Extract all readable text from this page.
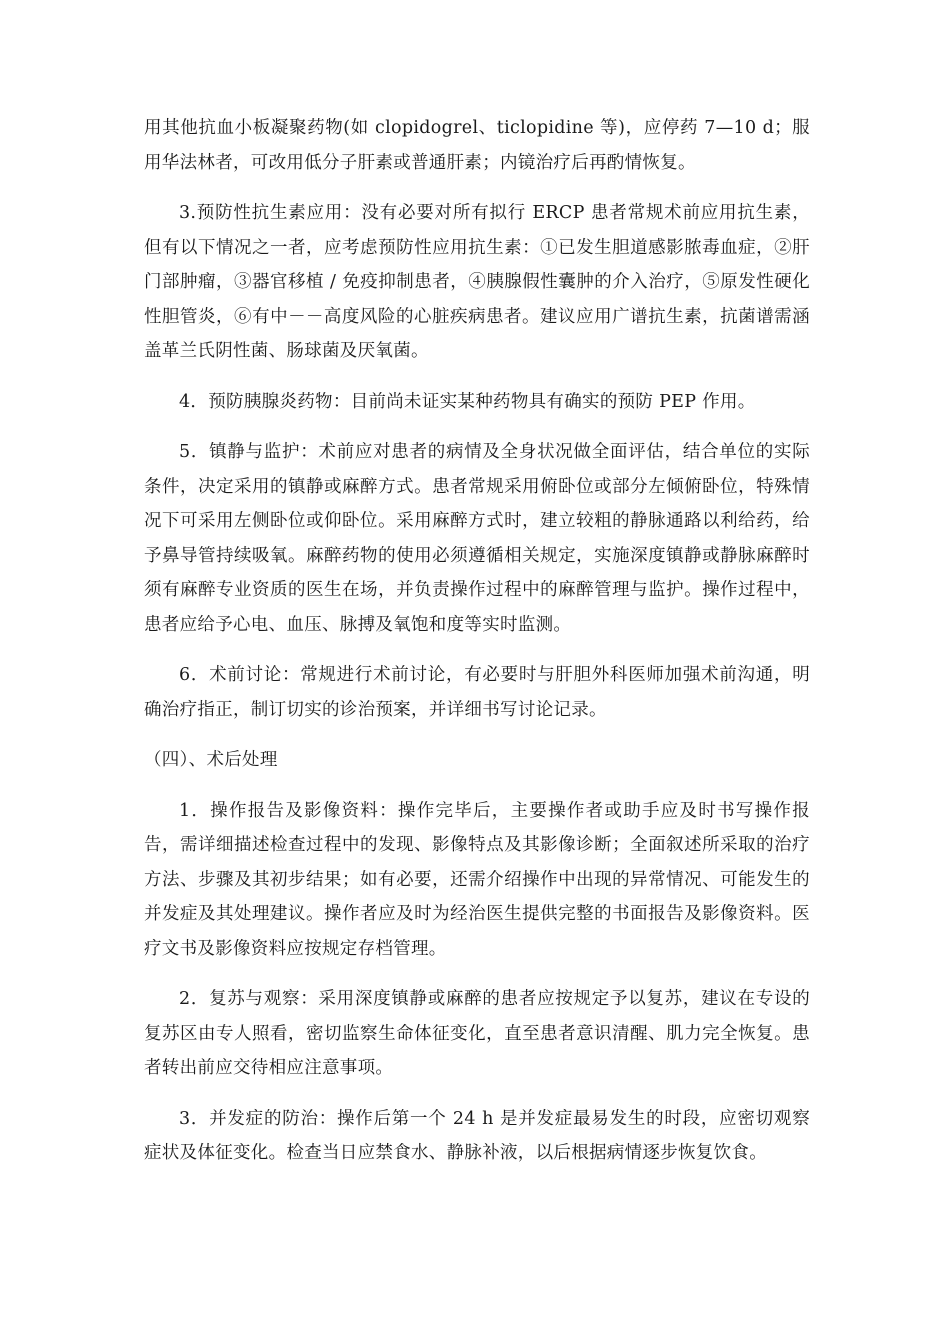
用其他抗血小板凝聚药物(如 clopidogrel、ticlopidine 等)，应停药 7—10 d；服用华法林者，可改用低分子肝素或普通肝素；内镜治疗后再酌情恢复。

3.预防性抗生素应用：没有必要对所有拟行 ERCP 患者常规术前应用抗生素，但有以下情况之一者，应考虑预防性应用抗生素：①已发生胆道感影脓毒血症，②肝门部肿瘤，③器官移植 / 免疫抑制患者，④胰腺假性囊肿的介入治疗，⑤原发性硬化性胆管炎，⑥有中－－高度风险的心脏疾病患者。建议应用广谱抗生素，抗菌谱需涵盖革兰氏阴性菌、肠球菌及厌氧菌。

4．预防胰腺炎药物：目前尚未证实某种药物具有确实的预防 PEP 作用。

5．镇静与监护：术前应对患者的病情及全身状况做全面评估，结合单位的实际条件，决定采用的镇静或麻醉方式。患者常规采用俯卧位或部分左倾俯卧位，特殊情况下可采用左侧卧位或仰卧位。采用麻醉方式时，建立较粗的静脉通路以利给药，给予鼻导管持续吸氧。麻醉药物的使用必须遵循相关规定，实施深度镇静或静脉麻醉时须有麻醉专业资质的医生在场，并负责操作过程中的麻醉管理与监护。操作过程中，患者应给予心电、血压、脉搏及氧饱和度等实时监测。

6．术前讨论：常规进行术前讨论，有必要时与肝胆外科医师加强术前沟通，明确治疗指正，制订切实的诊治预案，并详细书写讨论记录。

（四）、术后处理

1．操作报告及影像资料：操作完毕后，主要操作者或助手应及时书写操作报告，需详细描述检查过程中的发现、影像特点及其影像诊断；全面叙述所采取的治疗方法、步骤及其初步结果；如有必要，还需介绍操作中出现的异常情况、可能发生的并发症及其处理建议。操作者应及时为经治医生提供完整的书面报告及影像资料。医疗文书及影像资料应按规定存档管理。

2．复苏与观察：采用深度镇静或麻醉的患者应按规定予以复苏，建议在专设的复苏区由专人照看，密切监察生命体征变化，直至患者意识清醒、肌力完全恢复。患者转出前应交待相应注意事项。

3．并发症的防治：操作后第一个 24 h 是并发症最易发生的时段，应密切观察症状及体征变化。检查当日应禁食水、静脉补液，以后根据病情逐步恢复饮食。
